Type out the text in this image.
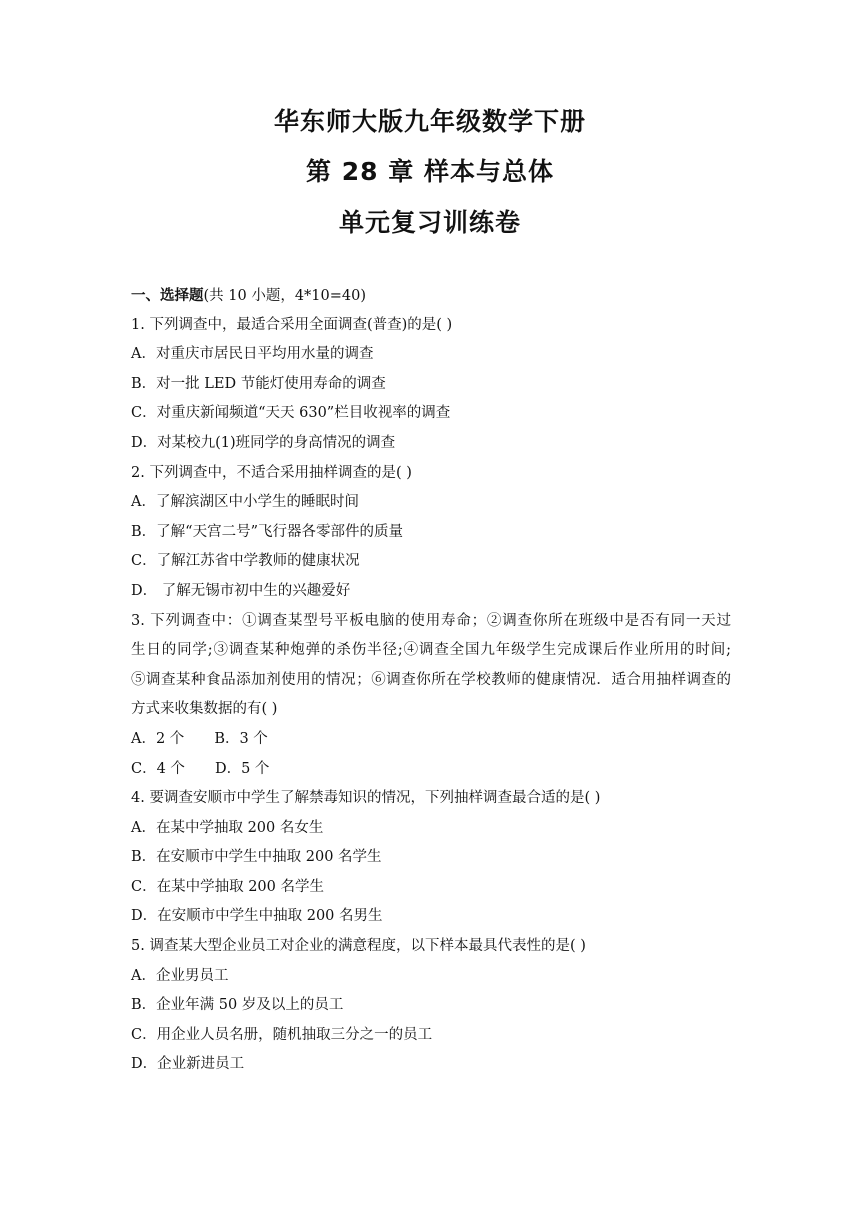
华东师大版九年级数学下册
第 28 章 样本与总体
单元复习训练卷
一、选择题(共 10 小题，4*10=40)
1. 下列调查中，最适合采用全面调查(普查)的是( )
A．对重庆市居民日平均用水量的调查
B．对一批 LED 节能灯使用寿命的调查
C．对重庆新闻频道“天天 630”栏目收视率的调查
D．对某校九(1)班同学的身高情况的调查
2. 下列调查中，不适合采用抽样调查的是( )
A．了解滨湖区中小学生的睡眠时间
B．了解“天宫二号”飞行器各零部件的质量
C．了解江苏省中学教师的健康状况
D． 了解无锡市初中生的兴趣爱好
3. 下列调查中：①调查某型号平板电脑的使用寿命；②调查你所在班级中是否有同一天过
生日的同学;③调查某种炮弹的杀伤半径;④调查全国九年级学生完成课后作业所用的时间;
⑤调查某种食品添加剂使用的情况；⑥调查你所在学校教师的健康情况．适合用抽样调查的
方式来收集数据的有( )
A．2 个 B．3 个
C．4 个 D．5 个
4. 要调查安顺市中学生了解禁毒知识的情况，下列抽样调查最合适的是( )
A．在某中学抽取 200 名女生
B．在安顺市中学生中抽取 200 名学生
C．在某中学抽取 200 名学生
D．在安顺市中学生中抽取 200 名男生
5. 调查某大型企业员工对企业的满意程度，以下样本最具代表性的是( )
A．企业男员工
B．企业年满 50 岁及以上的员工
C．用企业人员名册，随机抽取三分之一的员工
D．企业新进员工
